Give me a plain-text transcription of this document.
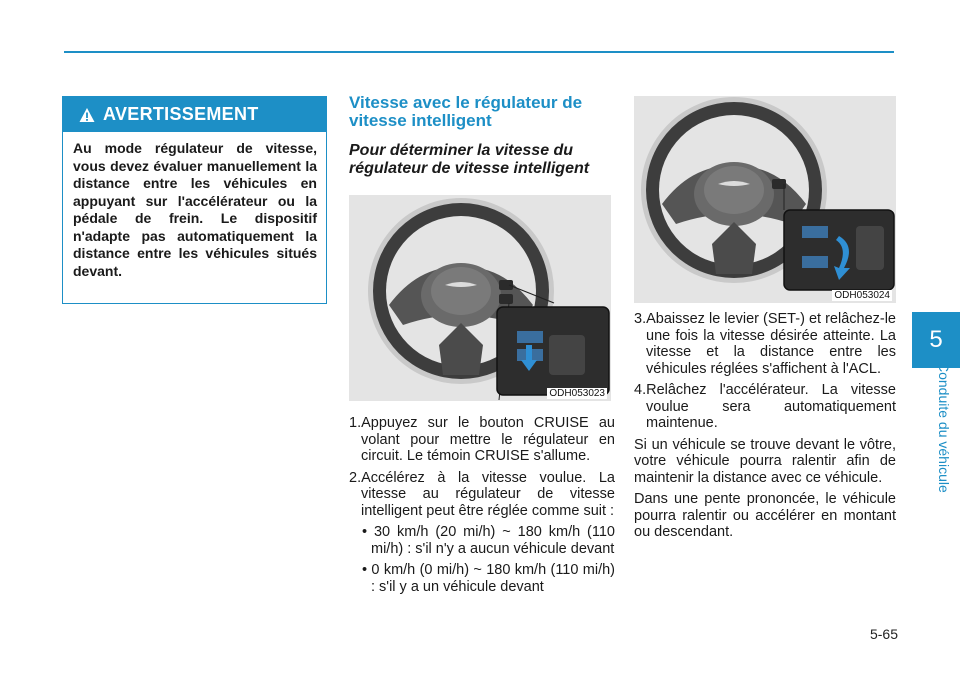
5
Conduite du véhicule
AVERTISSEMENT
Au mode régulateur de vitesse, vous devez évaluer manuellement la distance entre les véhicules en appuyant sur l'accélérateur ou la pédale de frein. Le dispositif n'adapte pas automatiquement la distance entre les véhicules situés devant.
Vitesse avec le régulateur de vitesse intelligent
Pour déterminer la vitesse du régulateur de vitesse intelligent
ODH053023

1.Appuyez sur le bouton CRUISE au volant pour mettre le régulateur en circuit. Le témoin CRUISE s'allume.

2.Accélérez à la vitesse voulue. La vitesse au régulateur de vitesse intelligent peut être réglée comme suit :

• 30 km/h (20 mi/h) ~ 180 km/h (110 mi/h) : s'il n'y a aucun véhicule devant

• 0 km/h (0 mi/h) ~ 180 km/h (110 mi/h) : s'il y a un véhicule devant

ODH053024

3.Abaissez le levier (SET-) et relâchez-le une fois la vitesse désirée atteinte. La vitesse et la distance entre les véhicules réglées s'affichent à l'ACL.

4.Relâchez l'accélérateur. La vitesse voulue sera automatiquement maintenue.

Si un véhicule se trouve devant le vôtre, votre véhicule pourra ralentir afin de maintenir la distance avec ce véhicule.

Dans une pente prononcée, le véhicule pourra ralentir ou accélérer en montant ou descendant.

5-65
